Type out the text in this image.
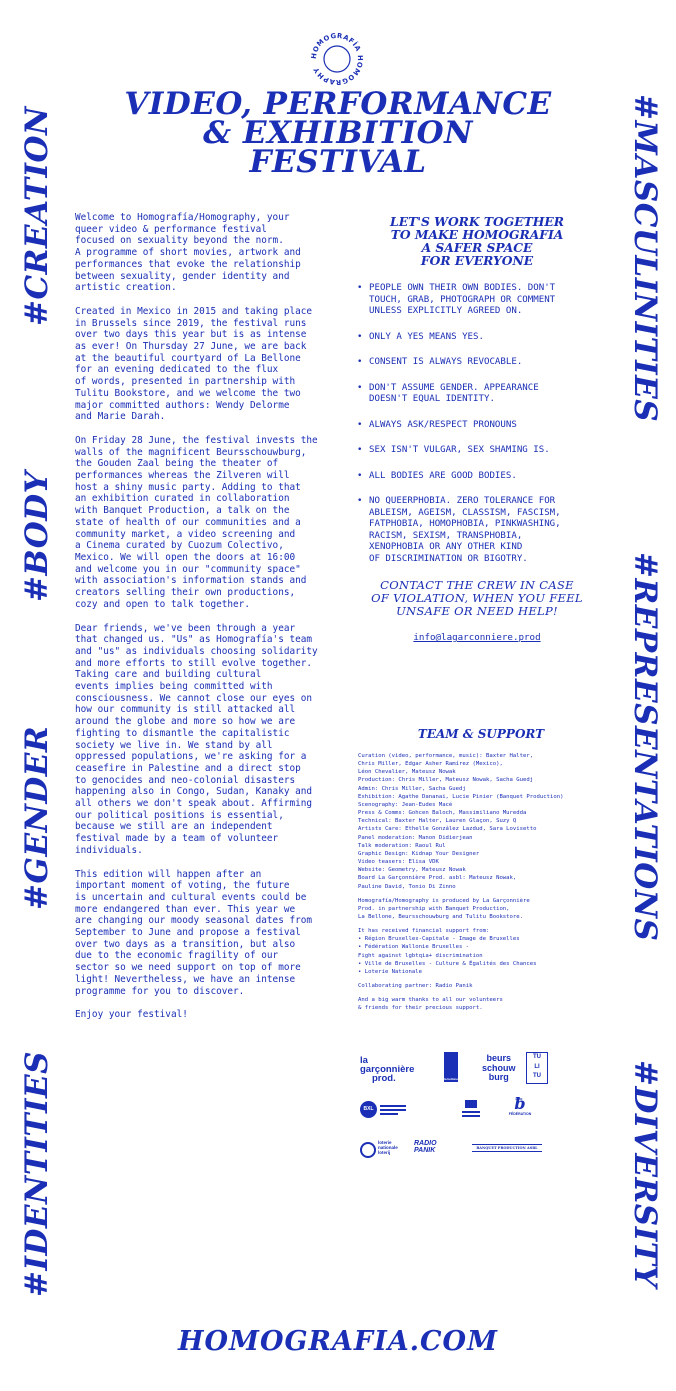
HOMOGRAFÍA HOMOGRAPHY
VIDEO, PERFORMANCE
& EXHIBITION
FESTIVAL
#CREATION
#BODY
#GENDER
#IDENTITIES
#MASCULINITIES
#REPRESENTATIONS
#DIVERSITY

Welcome to Homografía/Homography, your
queer video & performance festival
focused on sexuality beyond the norm.
A programme of short movies, artwork and
performances that evoke the relationship
between sexuality, gender identity and
artistic creation.

Created in Mexico in 2015 and taking place
in Brussels since 2019, the festival runs
over two days this year but is as intense
as ever! On Thursday 27 June, we are back
at the beautiful courtyard of La Bellone
for an evening dedicated to the flux
of words, presented in partnership with
Tulitu Bookstore, and we welcome the two
major committed authors: Wendy Delorme
and Marie Darah.

On Friday 28 June, the festival invests the
walls of the magnificent Beursschouwburg,
the Gouden Zaal being the theater of
performances whereas the Zilveren will
host a shiny music party. Adding to that
an exhibition curated in collaboration
with Banquet Production, a talk on the
state of health of our communities and a
community market, a video screening and
a Cinema curated by Cuozum Colectivo,
Mexico. We will open the doors at 16:00
and welcome you in our "community space"
with association's information stands and
creators selling their own productions,
cozy and open to talk together.

Dear friends, we've been through a year
that changed us. "Us" as Homografía's team
and "us" as individuals choosing solidarity
and more efforts to still evolve together.
Taking care and building cultural
events implies being committed with
consciousness. We cannot close our eyes on
how our community is still attacked all
around the globe and more so how we are
fighting to dismantle the capitalistic
society we live in. We stand by all
oppressed populations, we're asking for a
ceasefire in Palestine and a direct stop
to genocides and neo-colonial disasters
happening also in Congo, Sudan, Kanaky and
all others we don't speak about. Affirming
our political positions is essential,
because we still are an independent
festival made by a team of volunteer
individuals.

This edition will happen after an
important moment of voting, the future
is uncertain and cultural events could be
more endangered than ever. This year we
are changing our moody seasonal dates from
September to June and propose a festival
over two days as a transition, but also
due to the economic fragility of our
sector so we need support on top of more
light! Nevertheless, we have an intense
programme for you to discover.

Enjoy your festival!

LET'S WORK TOGETHER
TO MAKE HOMOGRAFIA
A SAFER SPACE
FOR EVERYONE
• PEOPLE OWN THEIR OWN BODIES. DON'T
TOUCH, GRAB, PHOTOGRAPH OR COMMENT
UNLESS EXPLICITLY AGREED ON.
• ONLY A YES MEANS YES.
• CONSENT IS ALWAYS REVOCABLE.
• DON'T ASSUME GENDER. APPEARANCE
DOESN'T EQUAL IDENTITY.
• ALWAYS ASK/RESPECT PRONOUNS
• SEX ISN'T VULGAR, SEX SHAMING IS.
• ALL BODIES ARE GOOD BODIES.
• NO QUEERPHOBIA. ZERO TOLERANCE FOR
ABLEISM, AGEISM, CLASSISM, FASCISM,
FATPHOBIA, HOMOPHOBIA, PINKWASHING,
RACISM, SEXISM, TRANSPHOBIA,
XENOPHOBIA OR ANY OTHER KIND
OF DISCRIMINATION OR BIGOTRY.
CONTACT THE CREW IN CASE
OF VIOLATION, WHEN YOU FEEL
UNSAFE OR NEED HELP!
info@lagarconniere.prod
TEAM & SUPPORT

Curation (video, performance, music): Baxter Halter,
Chris Miller, Edgar Asher Ramírez (Mexico),
Léon Chevalier, Mateusz Nowak
Production: Chris Miller, Mateusz Nowak, Sacha Guedj
Admin: Chris Miller, Sacha Guedj
Exhibition: Agathe Dananai, Lucie Pinier (Banquet Production)
Scenography: Jean-Eudes Macé
Press & Comms: Gohcen Baloch, Massimiliano Muredda
Technical: Baxter Halter, Lauren Glaçon, Suzy Q
Artists Care: Ethelle González Lazdud, Sara Lovisetto
Panel moderation: Manon Didierjean
Talk moderation: Raoul Rul
Graphic Design: Kidnap Your Designer
Video teasers: Elisa VDK
Website: Geometry, Mateusz Nowak
Board La Garçonnière Prod. asbl: Mateusz Nowak,
Pauline David, Tonio Di Zinno

Homografía/Homography is produced by La Garçonnière
Prod. in partnership with Banquet Production,
La Bellone, Beursschouwburg and Tulitu Bookstore.

It has received financial support from:
• Région Bruxelles-Capitale - Image de Bruxelles
• Fédération Wallonie Bruxelles -
Fight against lgbtqia+ discrimination
• Ville de Bruxelles - Culture & Égalités des Chances
• Loterie Nationale

Collaborating partner: Radio Panik

And a big warm thanks to all our volunteers
& friends for their precious support.

la
garçonnière
prod.	la bellone
beurs
schouw
burg
TU
LI
TU
BXL	ƀ
FÉDÉRATION
loterie
nationale
loterij
RADIO
PANIK	BANQUET PRODUCTION ASBL
HOMOGRAFIA.COM
